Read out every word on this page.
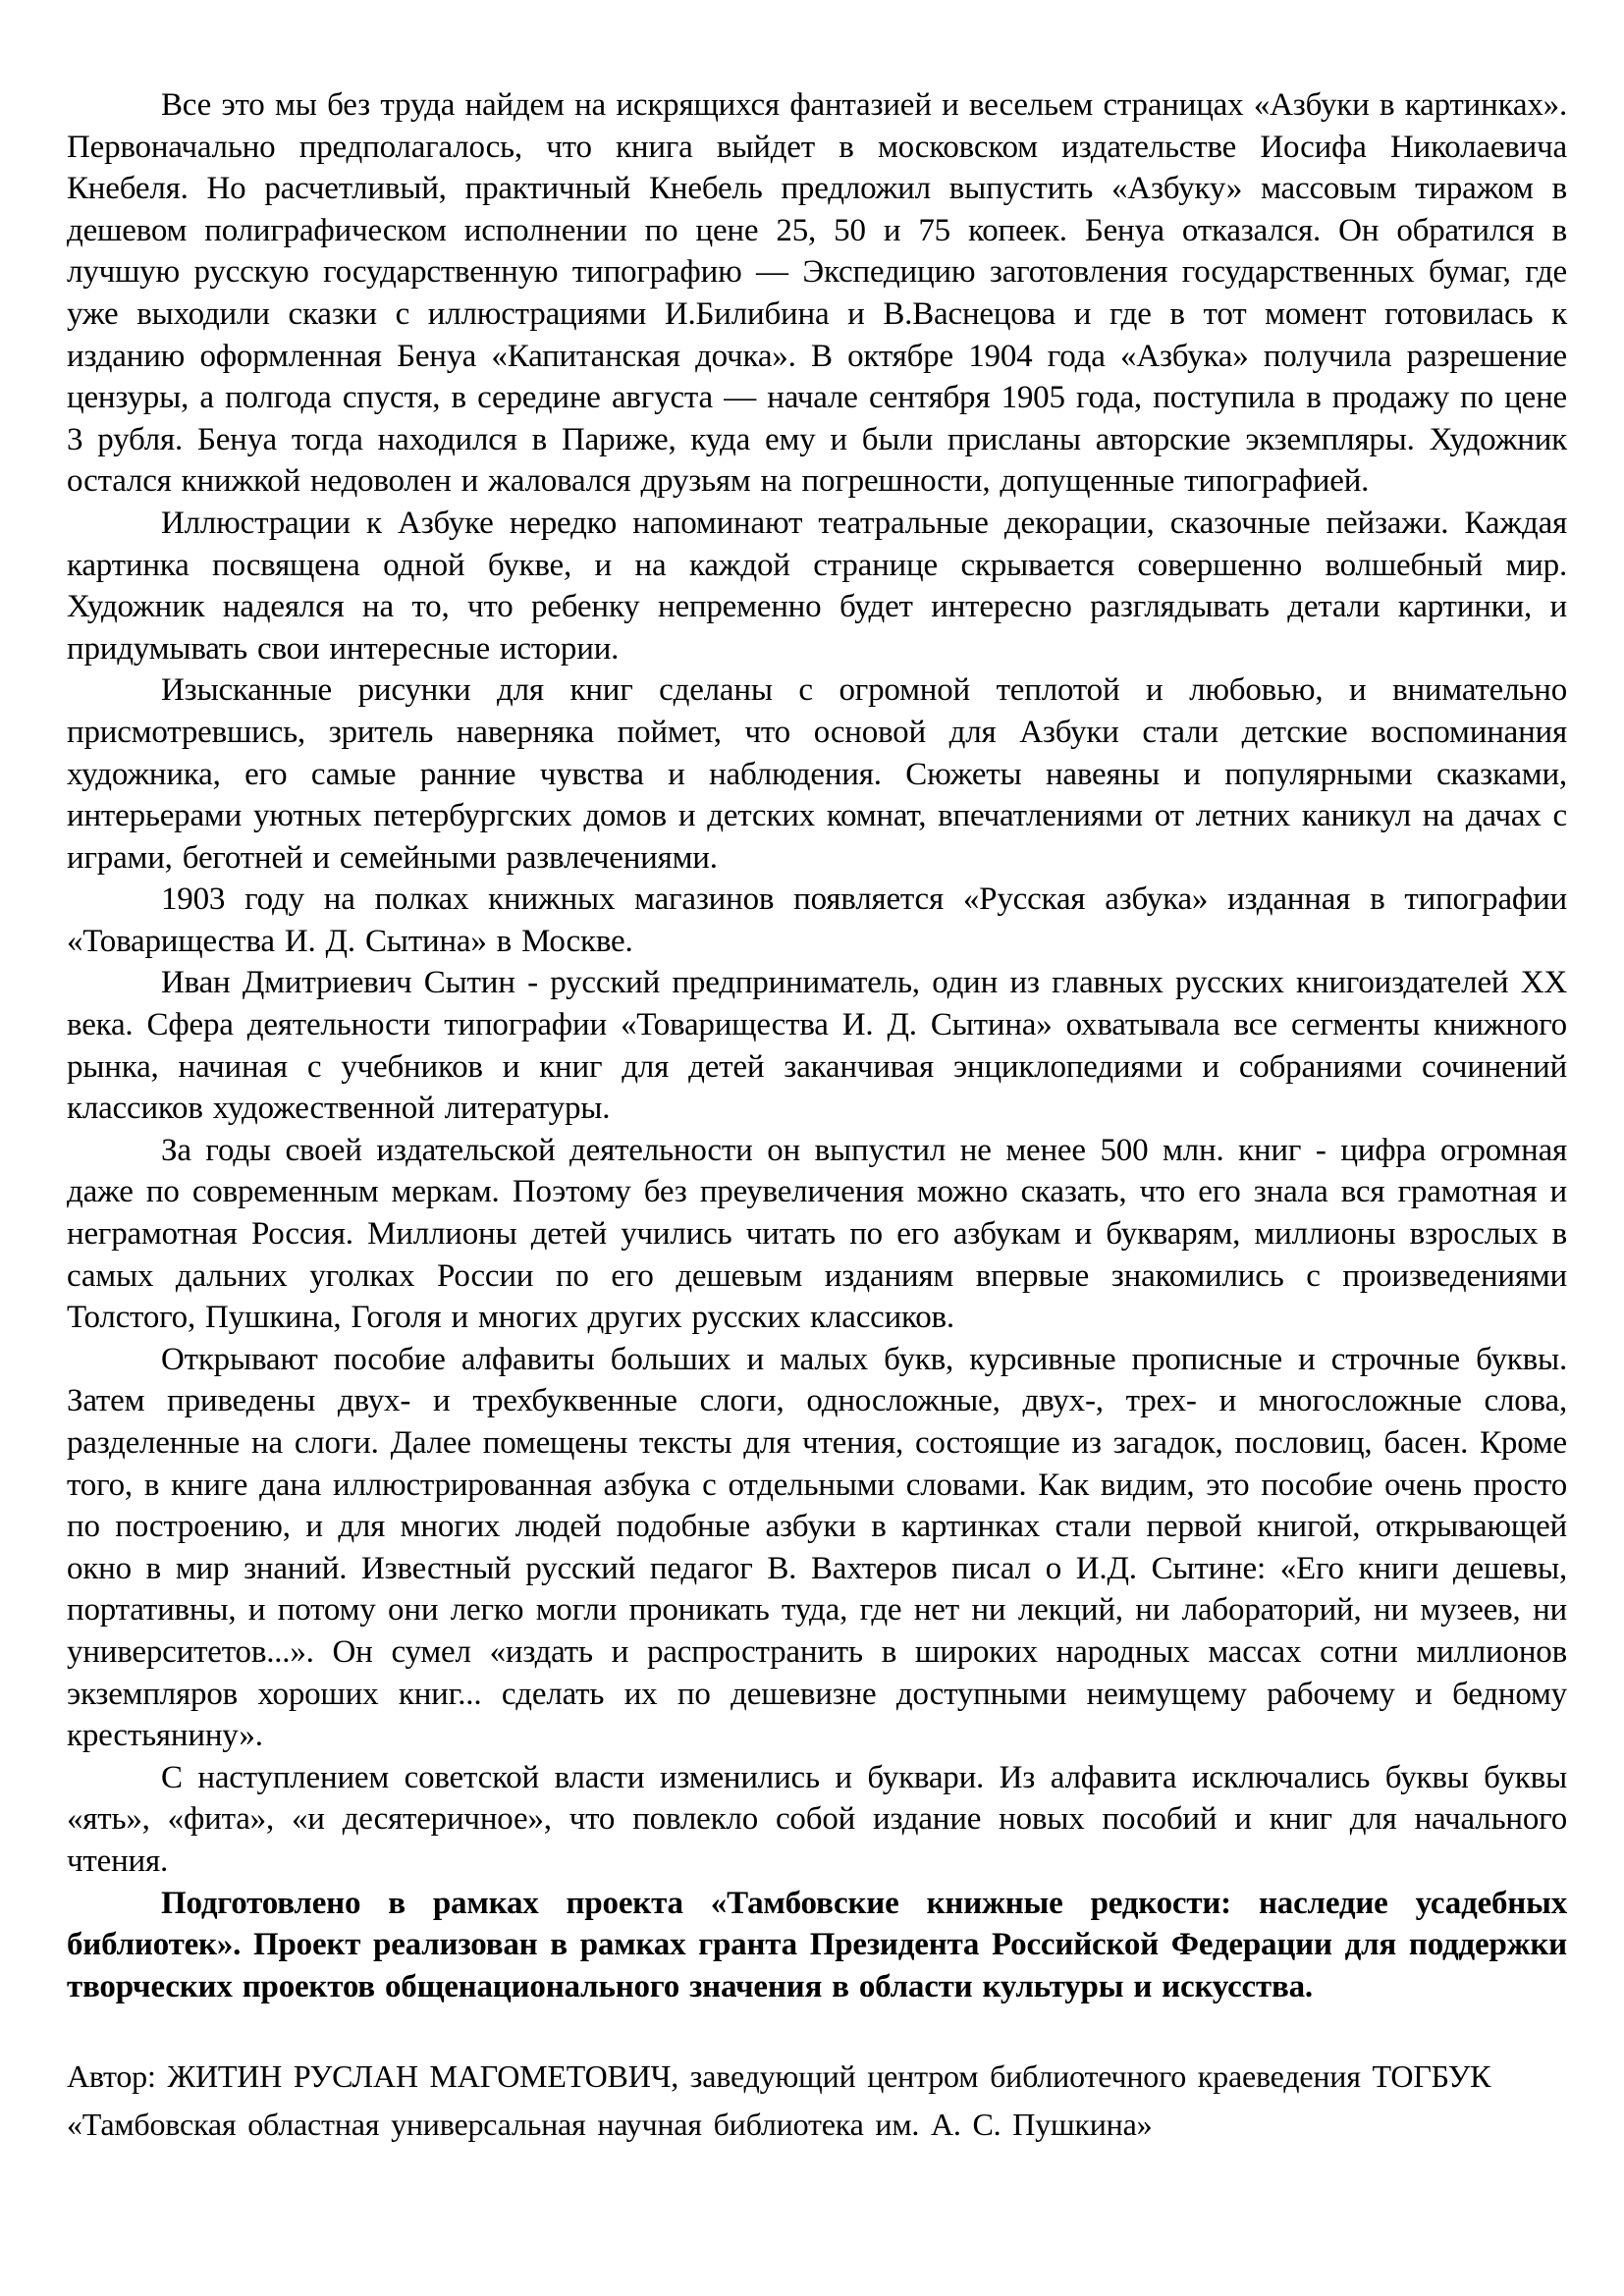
Все это мы без труда найдем на искрящихся фантазией и весельем страницах «Азбуки в картинках». Первоначально предполагалось, что книга выйдет в московском издательстве Иосифа Николаевича Кнебеля. Но расчетливый, практичный Кнебель предложил выпустить «Азбуку» массовым тиражом в дешевом полиграфическом исполнении по цене 25, 50 и 75 копеек. Бенуа отказался. Он обратился в лучшую русскую государственную типографию — Экспедицию заготовления государственных бумаг, где уже выходили сказки с иллюстрациями И.Билибина и В.Васнецова и где в тот момент готовилась к изданию оформленная Бенуа «Капитанская дочка». В октябре 1904 года «Азбука» получила разрешение цензуры, а полгода спустя, в середине августа — начале сентября 1905 года, поступила в продажу по цене 3 рубля. Бенуа тогда находился в Париже, куда ему и были присланы авторские экземпляры. Художник остался книжкой недоволен и жаловался друзьям на погрешности, допущенные типографией.

Иллюстрации к Азбуке нередко напоминают театральные декорации, сказочные пейзажи. Каждая картинка посвящена одной букве, и на каждой странице скрывается совершенно волшебный мир. Художник надеялся на то, что ребенку непременно будет интересно разглядывать детали картинки, и придумывать свои интересные истории.

Изысканные рисунки для книг сделаны с огромной теплотой и любовью, и внимательно присмотревшись, зритель наверняка поймет, что основой для Азбуки стали детские воспоминания художника, его самые ранние чувства и наблюдения. Сюжеты навеяны и популярными сказками, интерьерами уютных петербургских домов и детских комнат, впечатлениями от летних каникул на дачах с играми, беготней и семейными развлечениями.

1903 году на полках книжных магазинов появляется «Русская азбука» изданная в типографии «Товарищества И. Д. Сытина» в Москве.

Иван Дмитриевич Сытин - русский предприниматель, один из главных русских книгоиздателей ХХ века. Сфера деятельности типографии «Товарищества И. Д. Сытина» охватывала все сегменты книжного рынка, начиная с учебников и книг для детей заканчивая энциклопедиями и собраниями сочинений классиков художественной литературы.

За годы своей издательской деятельности он выпустил не менее 500 млн. книг - цифра огромная даже по современным меркам. Поэтому без преувеличения можно сказать, что его знала вся грамотная и неграмотная Россия. Миллионы детей учились читать по его азбукам и букварям, миллионы взрослых в самых дальних уголках России по его дешевым изданиям впервые знакомились с произведениями Толстого, Пушкина, Гоголя и многих других русских классиков.

Открывают пособие алфавиты больших и малых букв, курсивные прописные и строчные буквы. Затем приведены двух- и трехбуквенные слоги, односложные, двух-, трех- и многосложные слова, разделенные на слоги. Далее помещены тексты для чтения, состоящие из загадок, пословиц, басен. Кроме того, в книге дана иллюстрированная азбука с отдельными словами. Как видим, это пособие очень просто по построению, и для многих людей подобные азбуки в картинках стали первой книгой, открывающей окно в мир знаний. Известный русский педагог В. Вахтеров писал о И.Д. Сытине: «Его книги дешевы, портативны, и потому они легко могли проникать туда, где нет ни лекций, ни лабораторий, ни музеев, ни университетов...». Он сумел «издать и распространить в широких народных массах сотни миллионов экземпляров хороших книг... сделать их по дешевизне доступными неимущему рабочему и бедному крестьянину».

С наступлением советской власти изменились и буквари. Из алфавита исключались буквы буквы «ять», «фита», «и десятеричное», что повлекло собой издание новых пособий и книг для начального чтения.

Подготовлено в рамках проекта «Тамбовские книжные редкости: наследие усадебных библиотек». Проект реализован в рамках гранта Президента Российской Федерации для поддержки творческих проектов общенационального значения в области культуры и искусства.

Автор: ЖИТИН РУСЛАН МАГОМЕТОВИЧ, заведующий центром библиотечного краеведения ТОГБУК «Тамбовская областная универсальная научная библиотека им. А. С. Пушкина»
